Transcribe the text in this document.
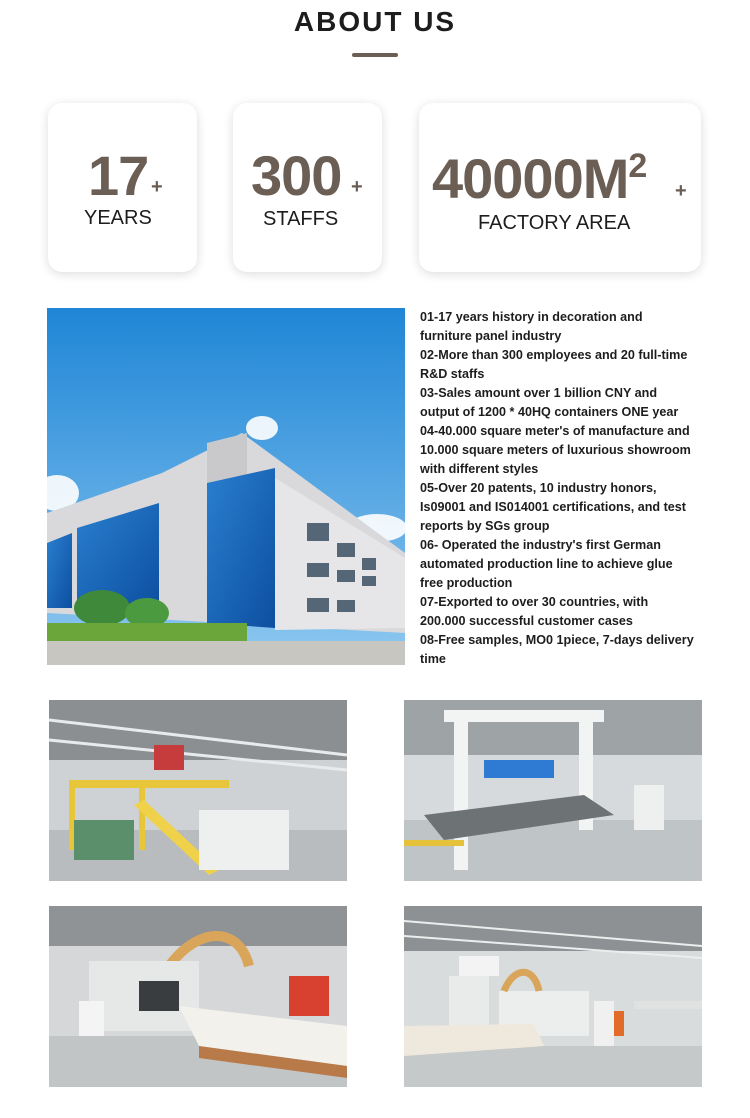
ABOUT US
17 +
YEARS
300 +
STAFFS
$40000M^2$
+
FACTORY AREA
01-17 years history in decoration and
furniture panel industry
02-More than 300 employees and 20 full-time
R&D staffs
03-Sales amount over 1 billion CNY and
output of 1200 * 40HQ containers ONE year
04-40.000 square meter's of manufacture and
10.000 square meters of luxurious showroom
with different styles
05-Over 20 patents, 10 industry honors,
Is09001 and IS014001 certifications, and test
reports by SGs group
06- Operated the industry's first German
automated production line to achieve glue
free production
07-Exported to over 30 countries, with
200.000 successful customer cases
08-Free samples, MO0 1piece, 7-days delivery
time
